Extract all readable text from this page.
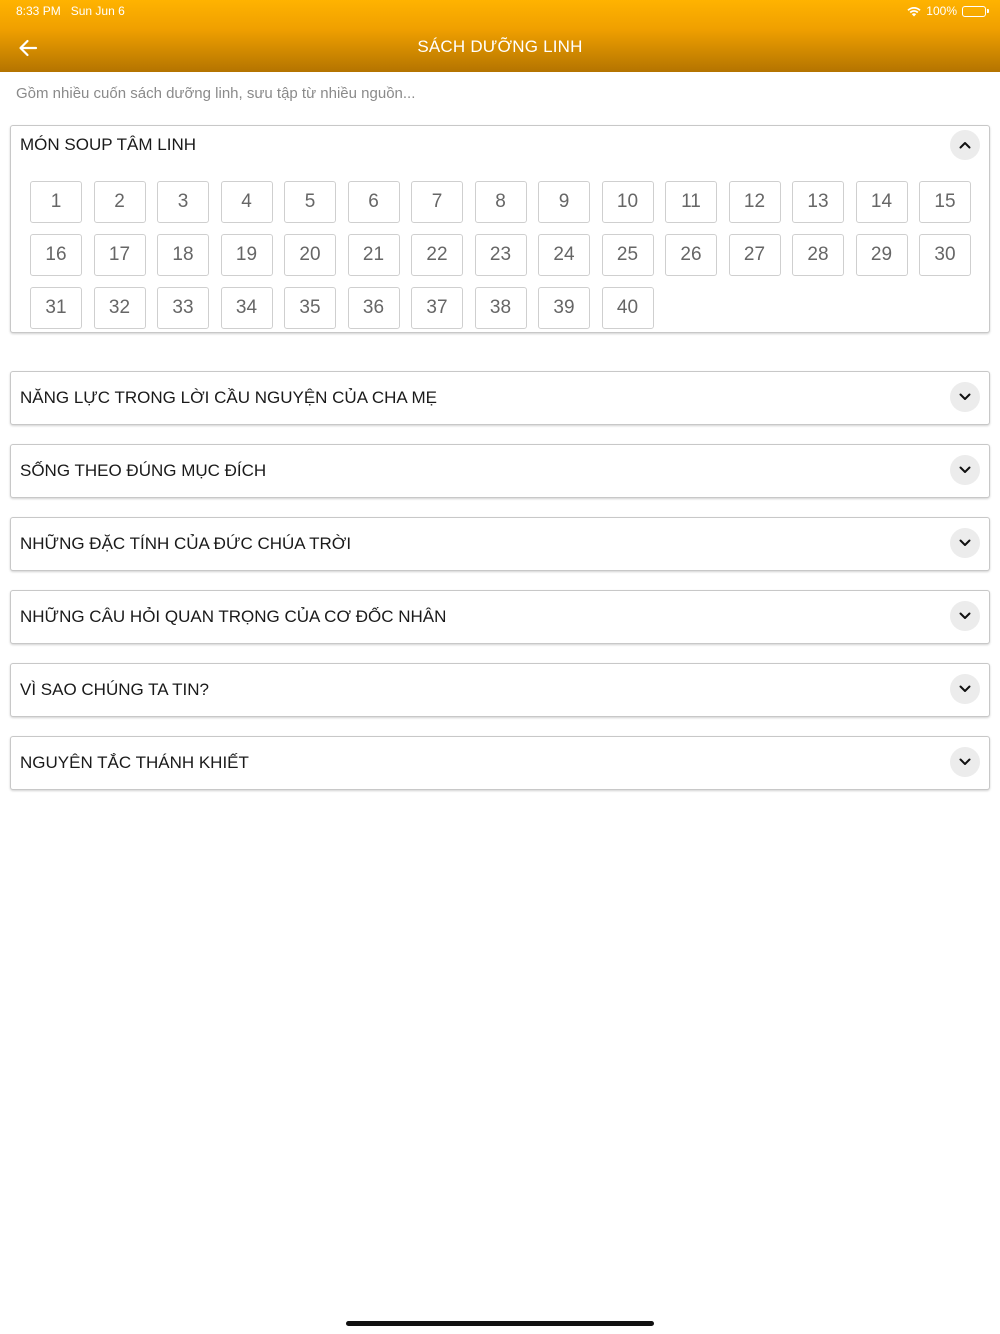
8:33 PM Sun Jun 6	100%
SÁCH DƯỠNG LINH
Gồm nhiều cuốn sách dưỡng linh, sưu tập từ nhiều nguồn...
MÓN SOUP TÂM LINH
1	2	3	4	5	6	7	8	9	10	11	12	13	14	15
16	17	18	19	20	21	22	23	24	25	26	27	28	29	30
31	32	33	34	35	36	37	38	39	40
NĂNG LỰC TRONG LỜI CẦU NGUYỆN CỦA CHA MẸ
SỐNG THEO ĐÚNG MỤC ĐÍCH
NHỮNG ĐẶC TÍNH CỦA ĐỨC CHÚA TRỜI
NHỮNG CÂU HỎI QUAN TRỌNG CỦA CƠ ĐỐC NHÂN
VÌ SAO CHÚNG TA TIN?
NGUYÊN TẮC THÁNH KHIẾT
